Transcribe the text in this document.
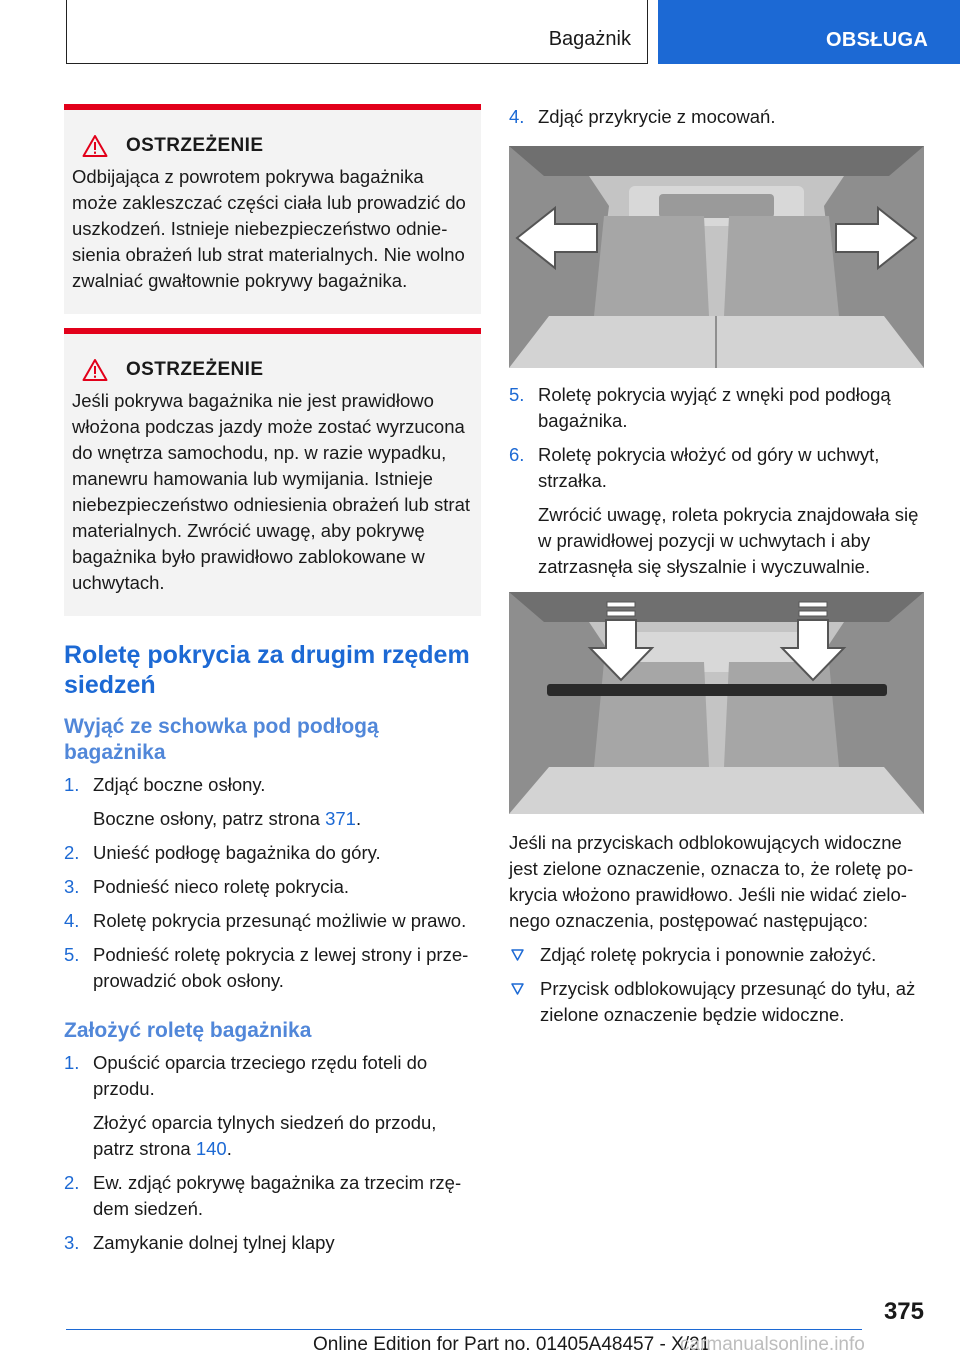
Bagażnik	OBSŁUGA
OSTRZEŻENIE
Odbijająca z powrotem pokrywa bagażnika może zakleszczać części ciała lub prowadzić do uszkodzeń. Istnieje niebezpieczeństwo odniesienia obrażeń lub strat materialnych. Nie wolno zwalniać gwałtownie pokrywy bagażnika.
OSTRZEŻENIE
Jeśli pokrywa bagażnika nie jest prawidłowo włożona podczas jazdy może zostać wyrzucona do wnętrza samochodu, np. w razie wypadku, manewru hamowania lub wymijania. Istnieje niebezpieczeństwo odniesienia obrażeń lub strat materialnych. Zwrócić uwagę, aby pokrywę bagażnika było prawidłowo zablokowane w uchwytach.
Roletę pokrycia za drugim rzędem siedzeń
Wyjąć ze schowka pod podłogą bagażnika
1. Zdjąć boczne osłony.
Boczne osłony, patrz strona 371.
2. Unieść podłogę bagażnika do góry.
3. Podnieść nieco roletę pokrycia.
4. Roletę pokrycia przesunąć możliwie w prawo.
5. Podnieść roletę pokrycia z lewej strony i przeprowadzić obok osłony.
Założyć roletę bagażnika
1. Opuścić oparcia trzeciego rzędu foteli do przodu.
Złożyć oparcia tylnych siedzeń do przodu, patrz strona 140.
2. Ew. zdjąć pokrywę bagażnika za trzecim rzędem siedzeń.
3. Zamykanie dolnej tylnej klapy
4. Zdjąć przykrycie z mocowań.
5. Roletę pokrycia wyjąć z wnęki pod podłogą bagażnika.
6. Roletę pokrycia włożyć od góry w uchwyt, strzałka.
Zwrócić uwagę, roleta pokrycia znajdowała się w prawidłowej pozycji w uchwytach i aby zatrzasnęła się słyszalnie i wyczuwalnie.

Jeśli na przyciskach odblokowujących widoczne jest zielone oznaczenie, oznacza to, że roletę pokrycia włożono prawidłowo. Jeśli nie widać zielonego oznaczenia, postępować następująco:

Zdjąć roletę pokrycia i ponownie założyć.
Przycisk odblokowujący przesunąć do tyłu, aż zielone oznaczenie będzie widoczne.
375
Online Edition for Part no. 01405A48457 - X/21
carmanualsonline.info
